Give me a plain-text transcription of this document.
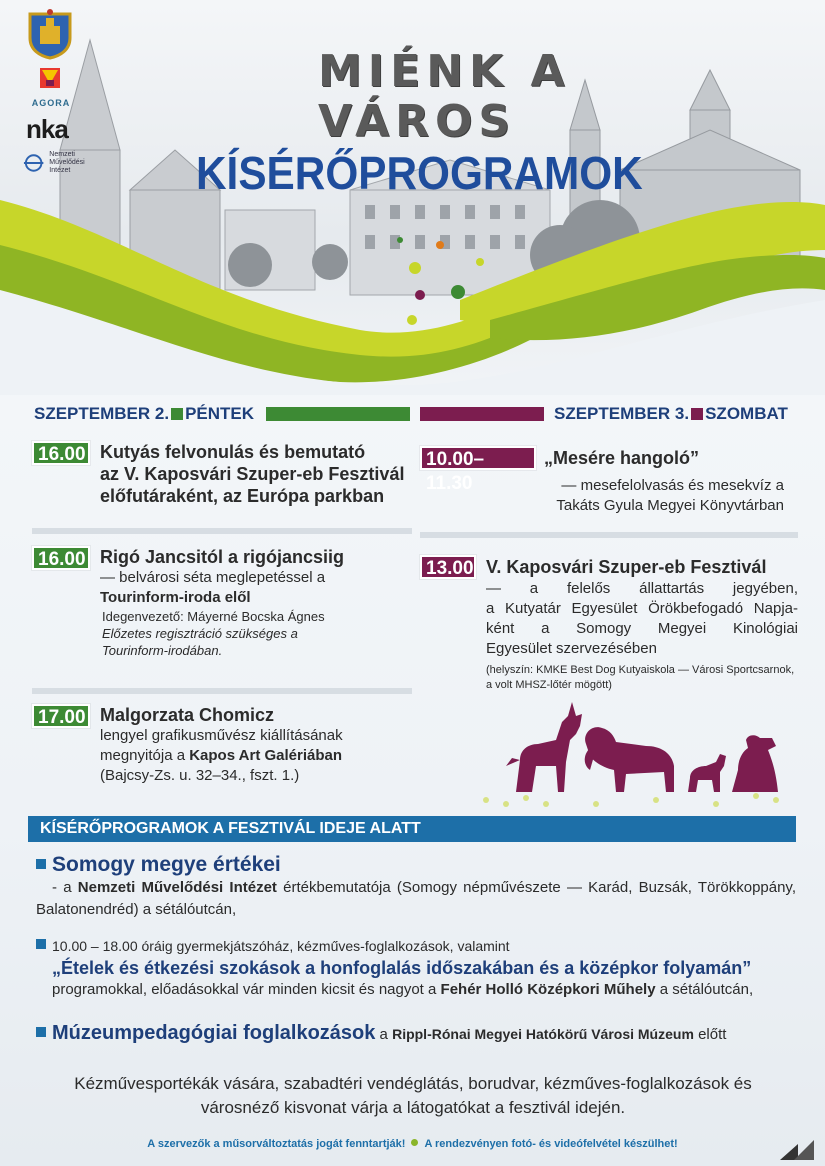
AGORA
nka
Nemzeti Művelődési Intézet
MIÉNK A
VÁROS
KÍSÉRŐPROGRAMOK
SZEPTEMBER 2. PÉNTEK	SZEPTEMBER 3. SZOMBAT
16.00 Kutyás felvonulás és bemutató
az V. Kaposvári Szuper-eb Fesztivál
előfutáraként, az Európa parkban
16.00 Rigó Jancsitól a rigójancsiig
— belvárosi séta meglepetéssel a
Tourinform-iroda elől
Idegenvezető: Máyerné Bocska Ágnes
Előzetes regisztráció szükséges a
Tourinform-irodában.
17.00 Malgorzata Chomicz
lengyel grafikusművész kiállításának
megnyitója a Kapos Art Galériában
(Bajcsy-Zs. u. 32–34., fszt. 1.)
10.00–11.30
„Mesére hangoló”
— mesefelolvasás és mesekvíz a
Takáts Gyula Megyei Könyvtárban
13.00 V. Kaposvári Szuper-eb Fesztivál
— a felelős állattartás jegyében,
a Kutyatár Egyesület Örökbefogadó Napja-
ként a Somogy Megyei Kinológiai
Egyesület szervezésében
(helyszín: KMKE Best Dog Kutyaiskola — Városi Sportcsarnok,
a volt MHSZ-lőtér mögött)
KÍSÉRŐPROGRAMOK A FESZTIVÁL IDEJE ALATT
Somogy megye értékei
- a Nemzeti Művelődési Intézet értékbemutatója (Somogy népművészete — Karád, Buzsák, Törökkoppány,
Balatonendréd) a sétálóutcán,
10.00 – 18.00 óráig gyermekjátszóház, kézműves-foglalkozások, valamint
„Ételek és étkezési szokások a honfoglalás időszakában és a középkor folyamán”
programokkal, előadásokkal vár minden kicsit és nagyot a Fehér Holló Középkori Műhely a sétálóutcán,
Múzeumpedagógiai foglalkozások a Rippl-Rónai Megyei Hatókörű Városi Múzeum előtt
Kézművesportékák vására, szabadtéri vendéglátás, borudvar, kézműves-foglalkozások és
városnéző kisvonat várja a látogatókat a fesztivál idején.
A szervezők a műsorváltoztatás jogát fenntartják! A rendezvényen fotó- és videófelvétel készülhet!
